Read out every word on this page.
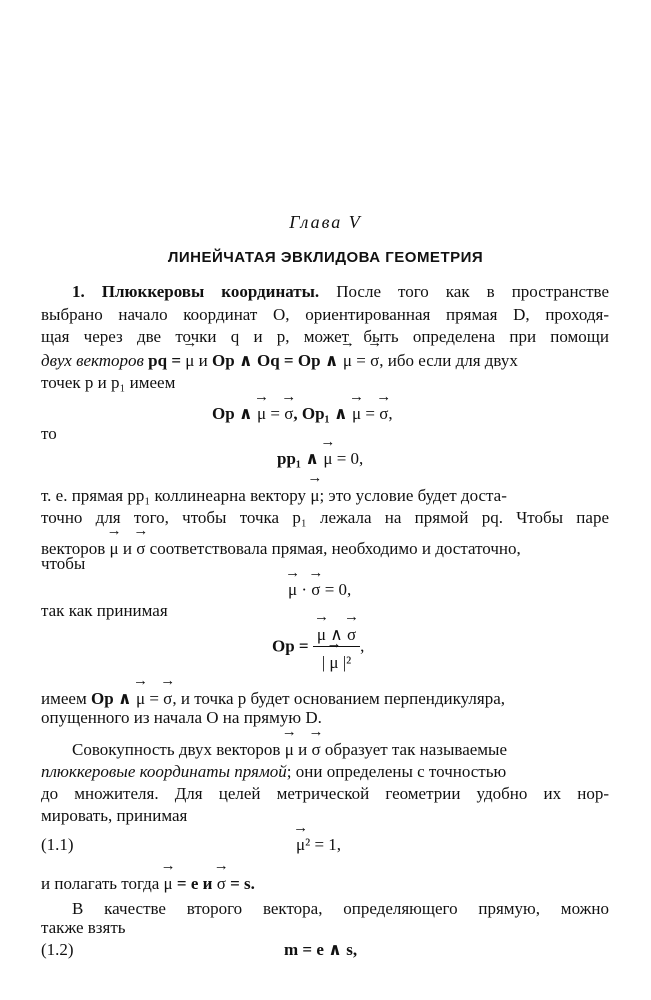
Глава V
ЛИНЕЙЧАТАЯ ЭВКЛИДОВА ГЕОМЕТРИЯ
1. Плюккеровы координаты. После того как в пространстве
выбрано начало координат O, ориентированная прямая D, проходя-
щая через две точки q и p, может быть определена при помощи
двух векторов pq = → μ и Op ∧ Oq = Op ∧ → μ = → σ, ибо если для двух
точек p и p₁ имеем
Op ∧ → μ = → σ, Op₁ ∧ → μ = → σ,
то
pp₁ ∧ → μ = 0,
т. е. прямая pp₁ коллинеарна вектору → μ; это условие будет доста-
точно для того, чтобы точка p₁ лежала на прямой pq. Чтобы паре
векторов → μ и → σ соответствовала прямая, необходимо и достаточно,
чтобы
→ μ · → σ = 0,
так как принимая
Op = → $\frac{\mu \wedge \to \sigma}{\text{| → μ |²}}$ ,
имеем Op ∧ → μ = → σ, и точка p будет основанием перпендикуляра,
опущенного из начала O на прямую D.
Совокупность двух векторов → μ и → σ образует так называемые
плюккеровые координаты прямой; они определены с точностью
до множителя. Для целей метрической геометрии удобно их нор-
мировать, принимая
(1.1)	→ μ² = 1,
и полагать тогда → μ = e и → σ = s.
В качестве второго вектора, определяющего прямую, можно
также взять
(1.2)	m = e ∧ s,
